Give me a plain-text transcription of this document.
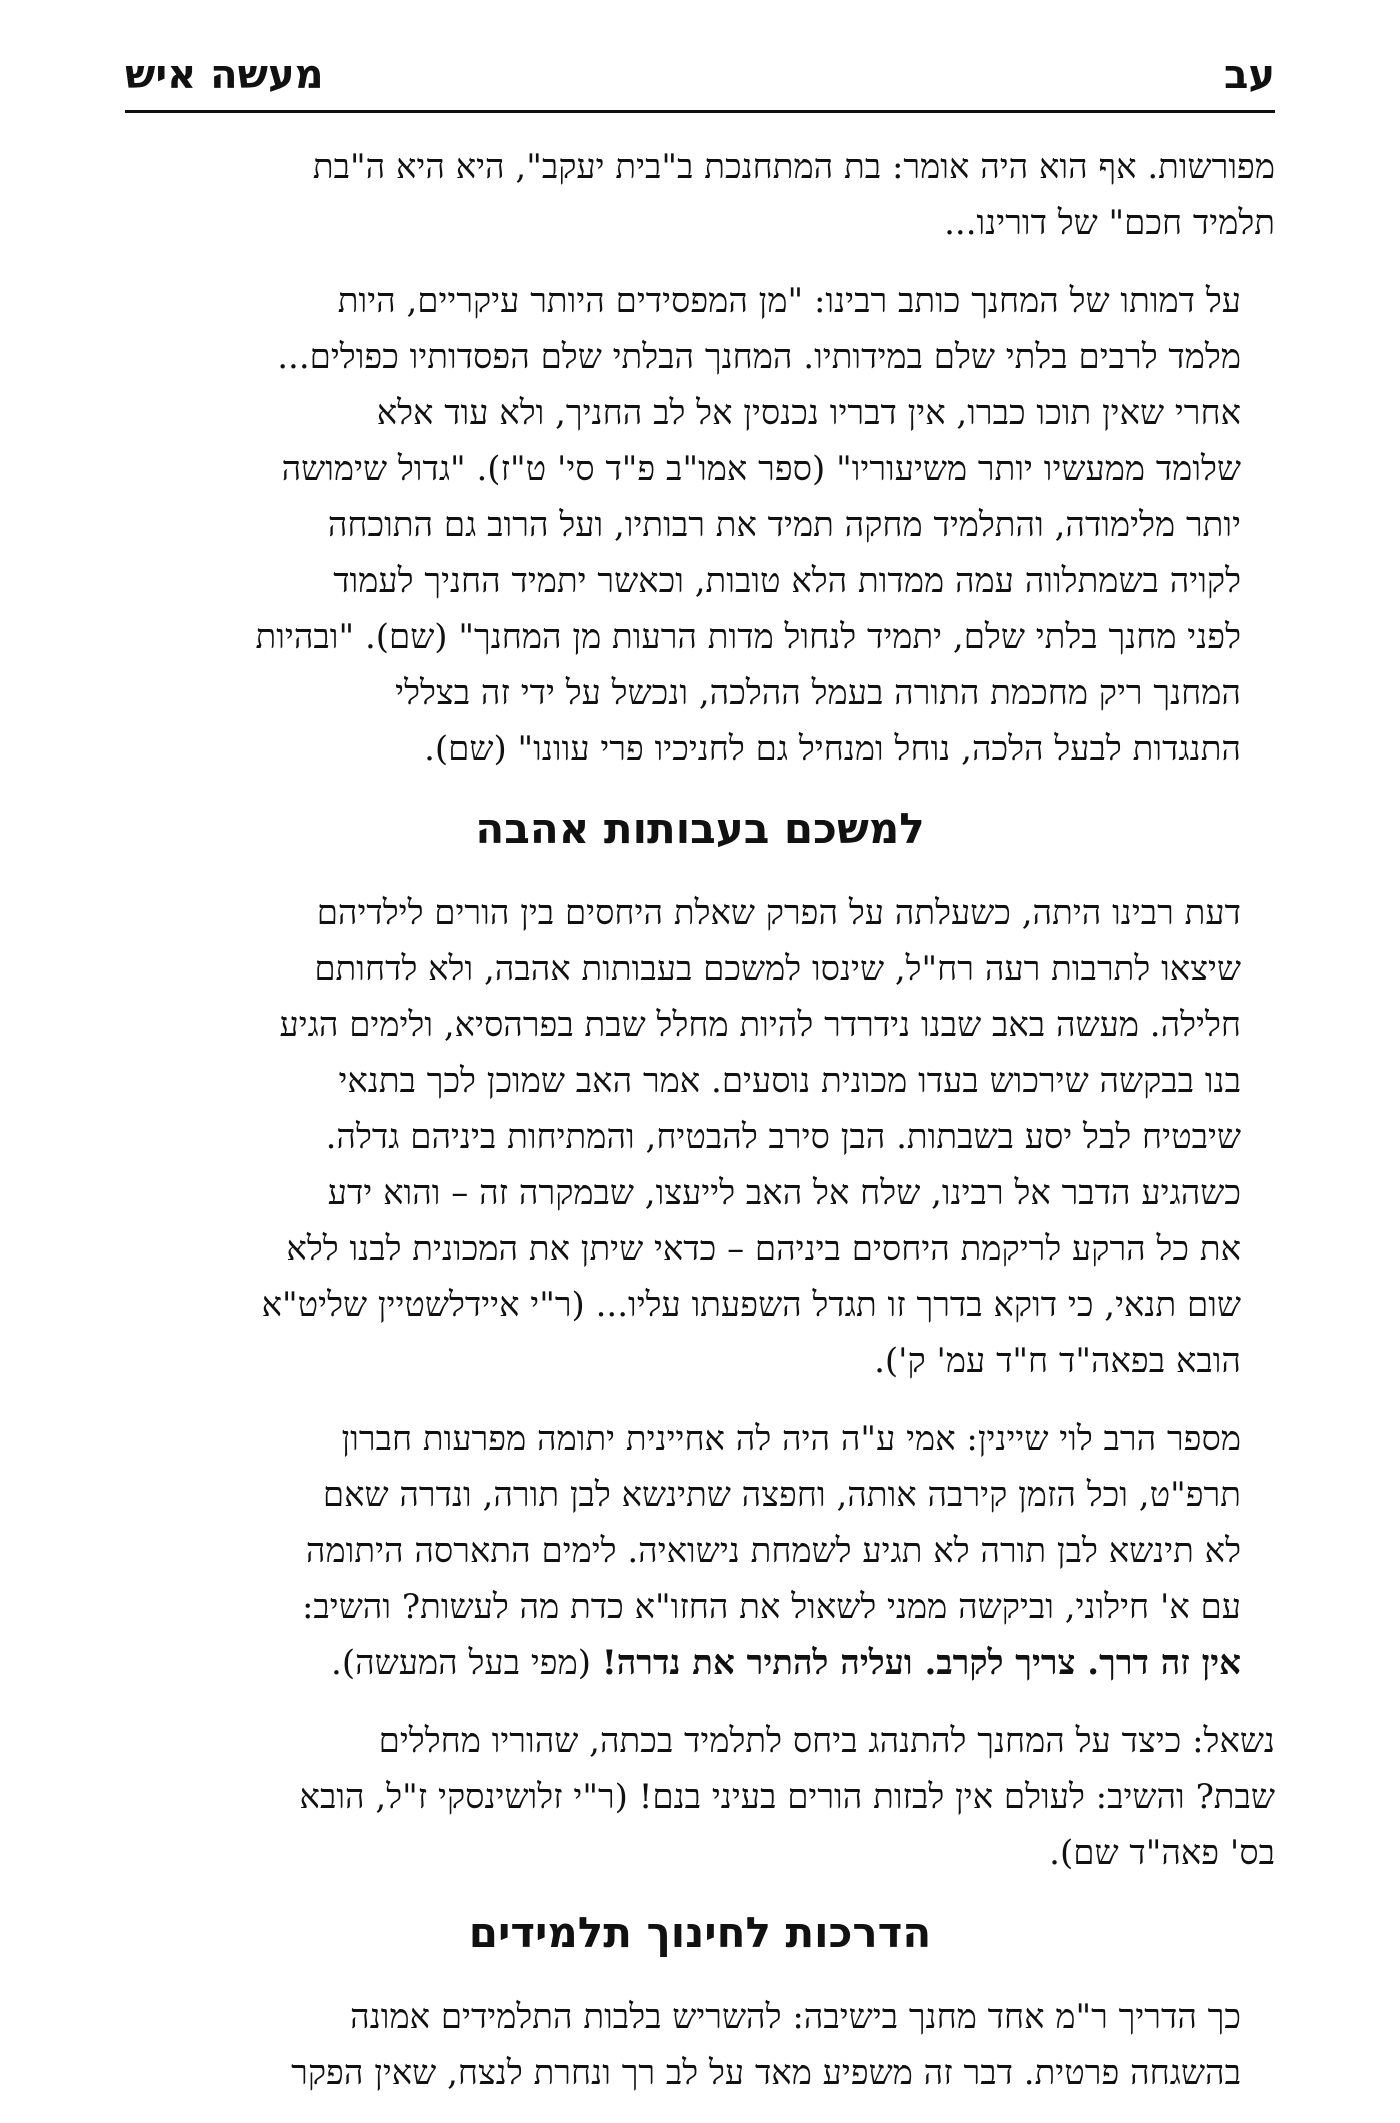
עב
מעשה איש
מפורשות. אף הוא היה אומר: בת המתחנכת ב"בית יעקב", היא היא ה"בת
תלמיד חכם" של דורינו...
על דמותו של המחנך כותב רבינו: "מן המפסידים היותר עיקריים, היות
מלמד לרבים בלתי שלם במידותיו. המחנך הבלתי שלם הפסדותיו כפולים...
אחרי שאין תוכו כברו, אין דבריו נכנסין אל לב החניך, ולא עוד אלא
שלומד ממעשיו יותר משיעוריו" (ספר אמו"ב פ"ד סי' ט"ז). "גדול שימושה
יותר מלימודה, והתלמיד מחקה תמיד את רבותיו, ועל הרוב גם התוכחה
לקויה בשמתלווה עמה ממדות הלא טובות, וכאשר יתמיד החניך לעמוד
לפני מחנך בלתי שלם, יתמיד לנחול מדות הרעות מן המחנך" (שם). "ובהיות
המחנך ריק מחכמת התורה בעמל ההלכה, ונכשל על ידי זה בצללי
התנגדות לבעל הלכה, נוחל ומנחיל גם לחניכיו פרי עוונו" (שם).
למשכם בעבותות אהבה
דעת רבינו היתה, כשעלתה על הפרק שאלת היחסים בין הורים לילדיהם
שיצאו לתרבות רעה רח"ל, שינסו למשכם בעבותות אהבה, ולא לדחותם
חלילה. מעשה באב שבנו נידרדר להיות מחלל שבת בפרהסיא, ולימים הגיע
בנו בבקשה שירכוש בעדו מכונית נוסעים. אמר האב שמוכן לכך בתנאי
שיבטיח לבל יסע בשבתות. הבן סירב להבטיח, והמתיחות ביניהם גדלה.
כשהגיע הדבר אל רבינו, שלח אל האב לייעצו, שבמקרה זה – והוא ידע
את כל הרקע לריקמת היחסים ביניהם – כדאי שיתן את המכונית לבנו ללא
שום תנאי, כי דוקא בדרך זו תגדל השפעתו עליו... (ר"י איידלשטיין שליט"א
הובא בפאה"ד ח"ד עמ' ק').
מספר הרב לוי שיינין: אמי ע"ה היה לה אחיינית יתומה מפרעות חברון
תרפ"ט, וכל הזמן קירבה אותה, וחפצה שתינשא לבן תורה, ונדרה שאם
לא תינשא לבן תורה לא תגיע לשמחת נישואיה. לימים התארסה היתומה
עם א' חילוני, וביקשה ממני לשאול את החזו"א כדת מה לעשות? והשיב:
אין זה דרך. צריך לקרב. ועליה להתיר את נדרה! (מפי בעל המעשה).
נשאל: כיצד על המחנך להתנהג ביחס לתלמיד בכתה, שהוריו מחללים
שבת? והשיב: לעולם אין לבזות הורים בעיני בנם! (ר"י זלושינסקי ז"ל, הובא
בס' פאה"ד שם).
הדרכות לחינוך תלמידים
כך הדריך ר"מ אחד מחנך בישיבה: להשריש בלבות התלמידים אמונה
בהשגחה פרטית. דבר זה משפיע מאד על לב רך ונחרת לנצח, שאין הפקר
